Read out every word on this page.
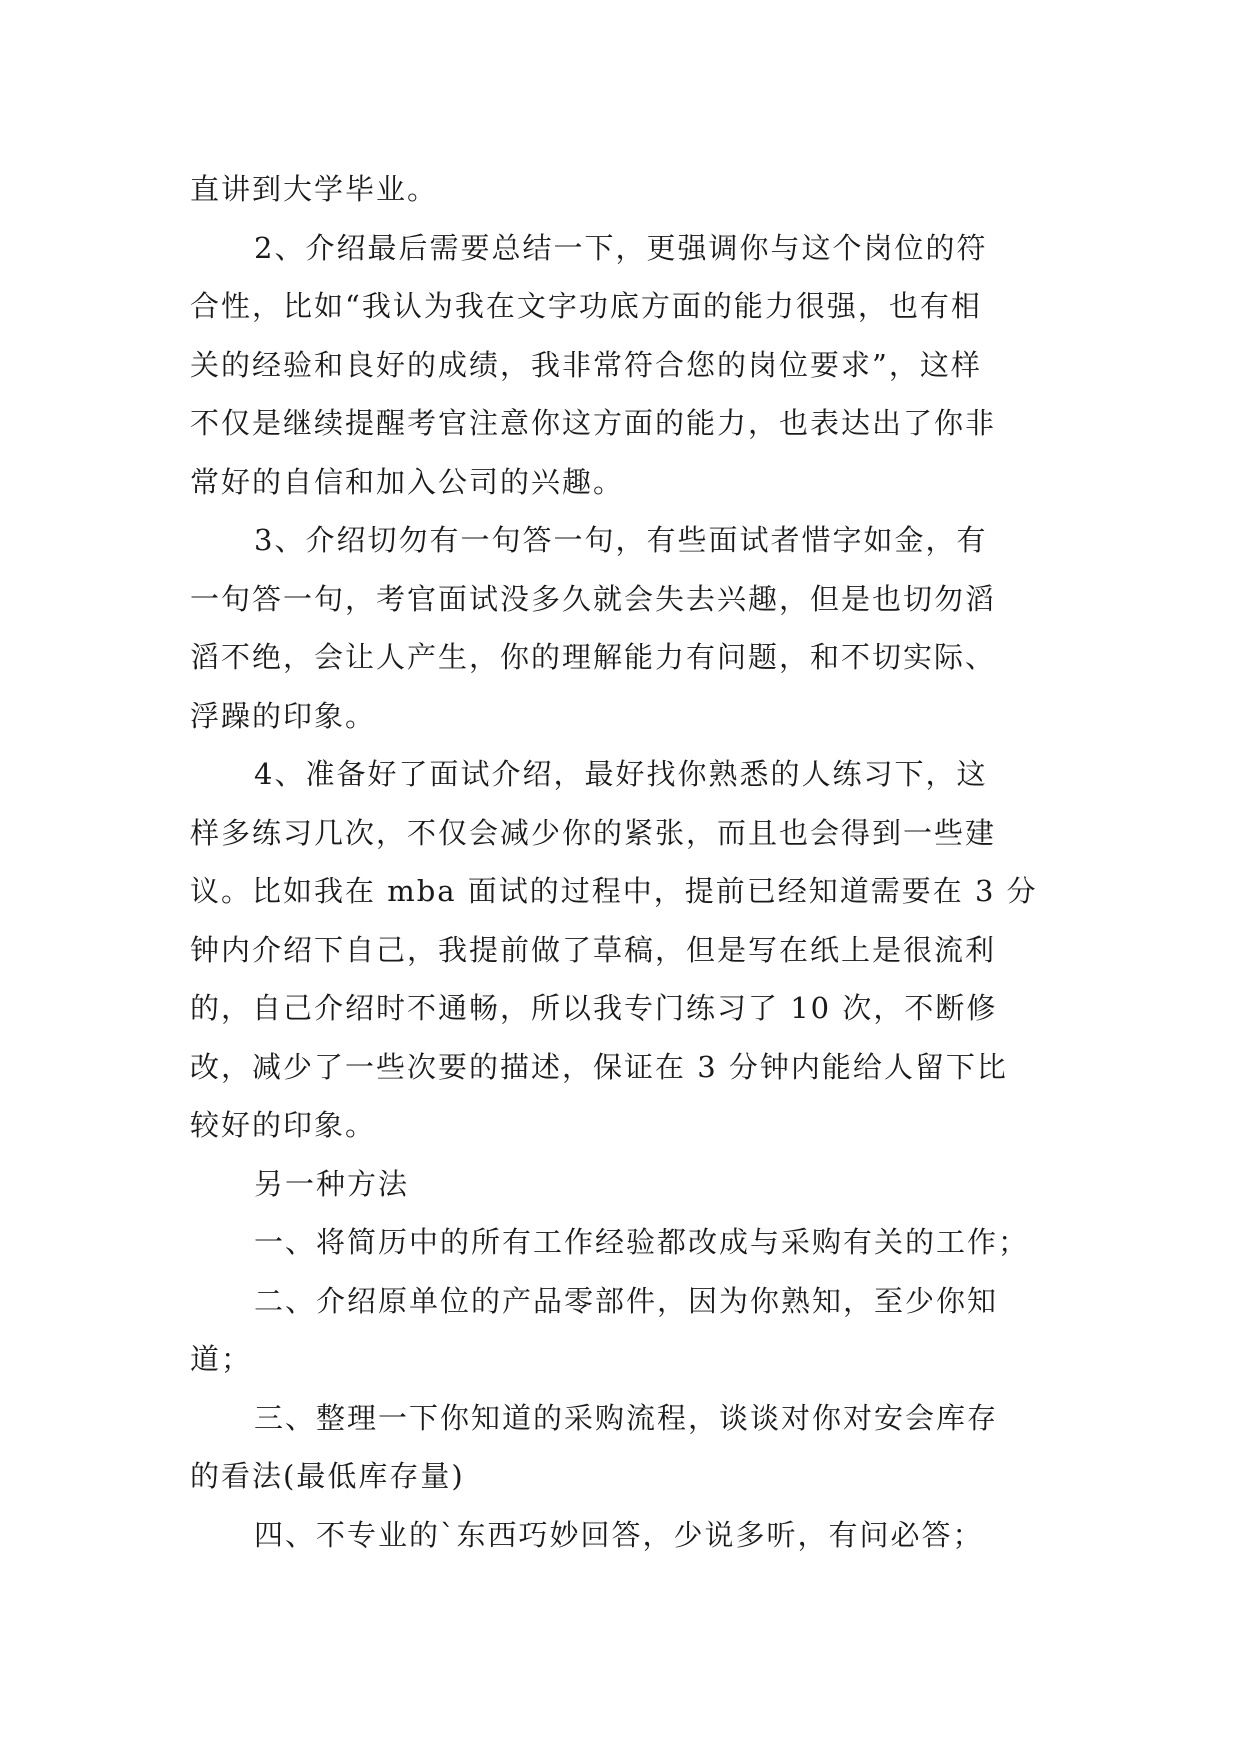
直讲到大学毕业。
2、介绍最后需要总结一下，更强调你与这个岗位的符
合性，比如“我认为我在文字功底方面的能力很强，也有相
关的经验和良好的成绩，我非常符合您的岗位要求”，这样
不仅是继续提醒考官注意你这方面的能力，也表达出了你非
常好的自信和加入公司的兴趣。
3、介绍切勿有一句答一句，有些面试者惜字如金，有
一句答一句，考官面试没多久就会失去兴趣，但是也切勿滔
滔不绝，会让人产生，你的理解能力有问题，和不切实际、
浮躁的印象。
4、准备好了面试介绍，最好找你熟悉的人练习下，这
样多练习几次，不仅会减少你的紧张，而且也会得到一些建
议。比如我在 mba 面试的过程中，提前已经知道需要在 3 分
钟内介绍下自己，我提前做了草稿，但是写在纸上是很流利
的，自己介绍时不通畅，所以我专门练习了 10 次，不断修
改，减少了一些次要的描述，保证在 3 分钟内能给人留下比
较好的印象。
另一种方法
一、将简历中的所有工作经验都改成与采购有关的工作；
二、介绍原单位的产品零部件，因为你熟知，至少你知
道；
三、整理一下你知道的采购流程，谈谈对你对安会库存
的看法(最低库存量)
四、不专业的`东西巧妙回答，少说多听，有问必答；
